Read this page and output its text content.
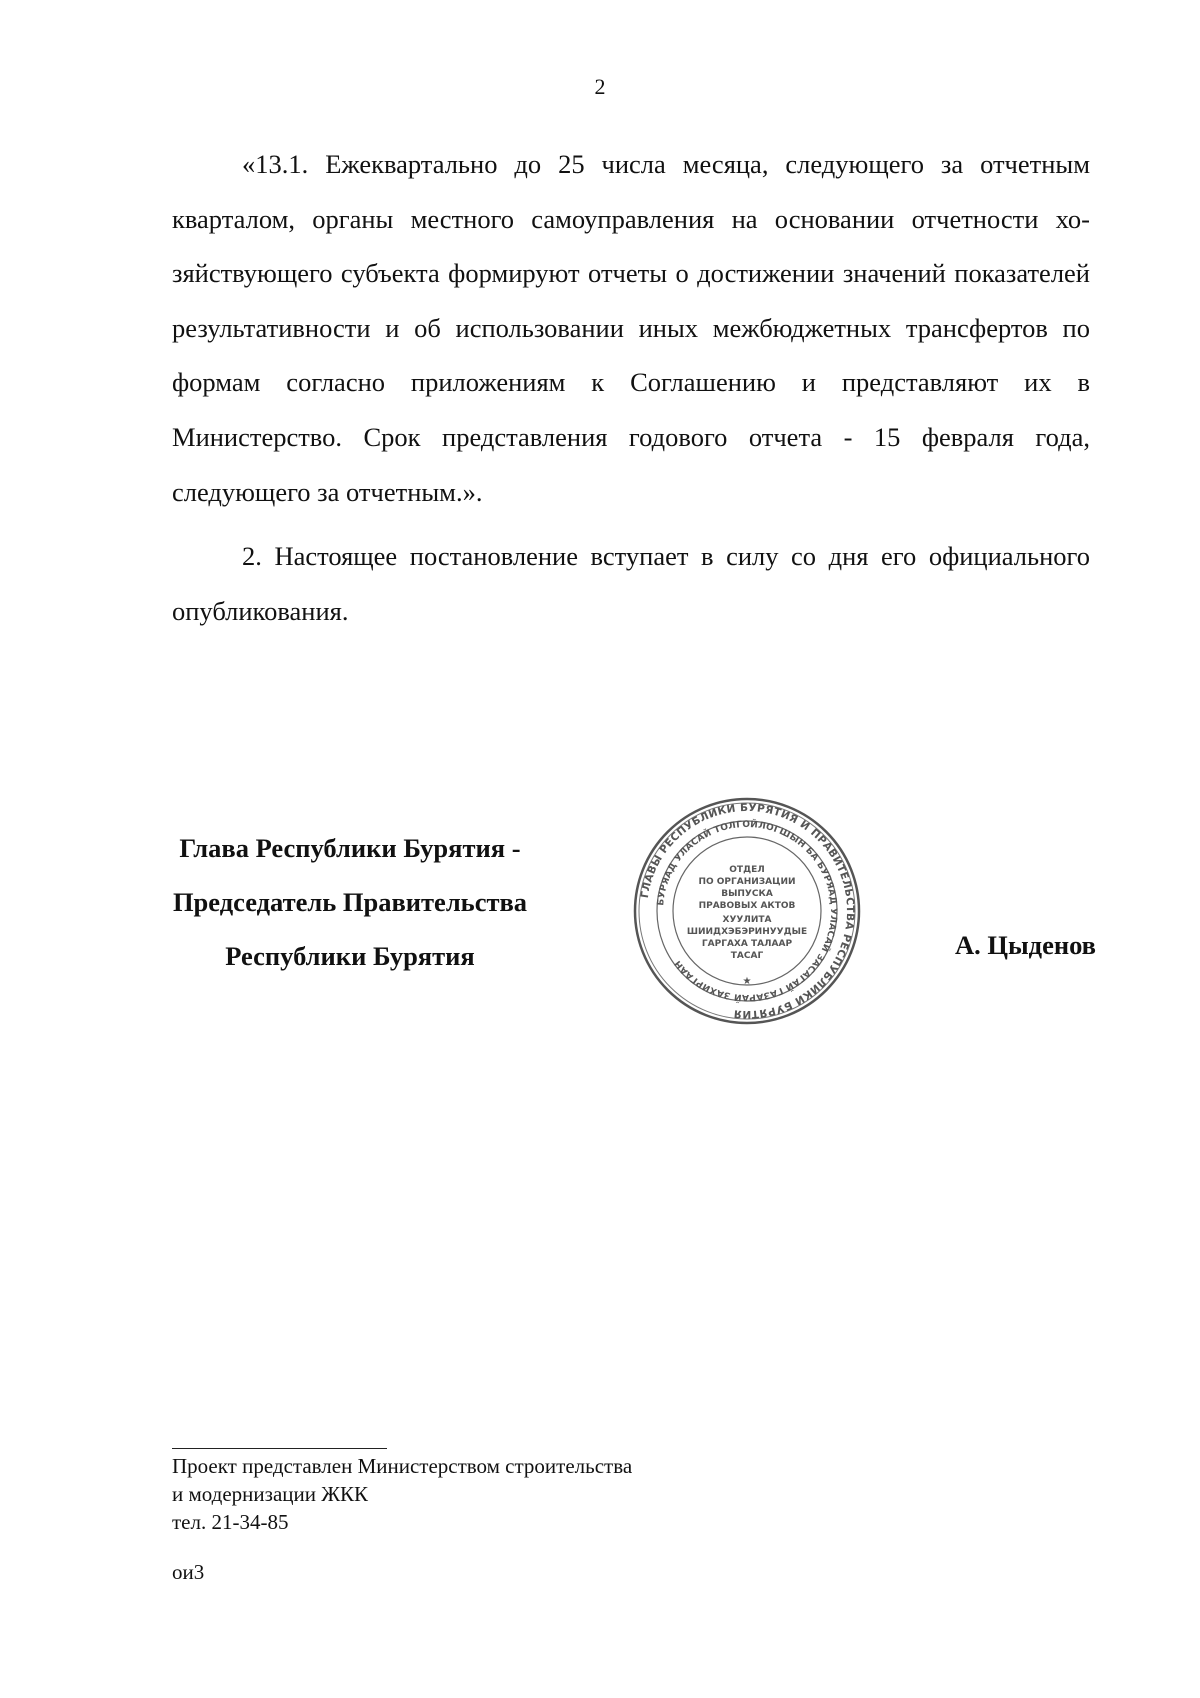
2

«13.1. Ежеквартально до 25 числа месяца, следующего за отчетным кварталом, органы местного самоуправления на основании отчетности хозяйствующего субъекта формируют отчеты о достижении значений показателей результативности и об использовании иных межбюджетных трансфертов по формам согласно приложениям к Соглашению и представляют их в Министерство. Срок представления годового отчета - 15 февраля года, следующего за отчетным.».

2. Настоящее постановление вступает в силу со дня его официального опубликования.

Глава Республики Бурятия -
Председатель Правительства
Республики Бурятия
ГЛАВЫ РЕСПУБЛИКИ БУРЯТИЯ И ПРАВИТЕЛЬСТВА РЕСПУБЛИКИ БУРЯТИЯ
БУРЯАД УЛАСАЙ ТОЛГОЙЛОГШЫН БА БУРЯАД УЛАСАЙ ЗАСАГАЙ ГАЗАРАЙ ЗАХИРГААН
ОТДЕЛ
ПО ОРГАНИЗАЦИИ
ВЫПУСКА
ПРАВОВЫХ АКТОВ
ХУУЛИТА
ШИИДХЭБЭРИНУУДЫЕ
ГАРГАХА ТАЛААР
ТАСАГ
★
А. Цыденов
Проект представлен Министерством строительства
и модернизации ЖКК
тел. 21-34-85
ои3
